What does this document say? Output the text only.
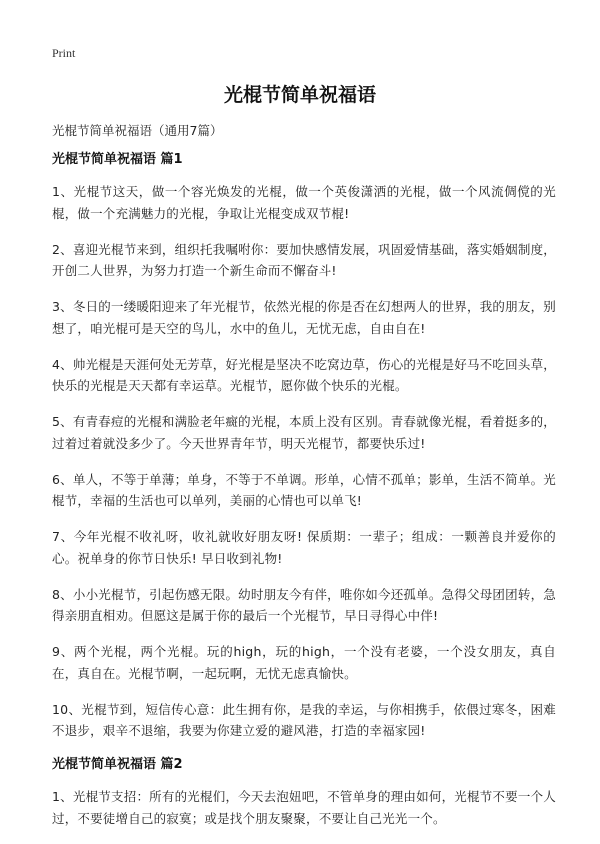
Print
光棍节简单祝福语
光棍节简单祝福语（通用7篇）
光棍节简单祝福语 篇1

1、光棍节这天，做一个容光焕发的光棍，做一个英俊潇洒的光棍，做一个风流倜傥的光棍，做一个充满魅力的光棍，争取让光棍变成双节棍!

2、喜迎光棍节来到，组织托我嘱咐你：要加快感情发展，巩固爱情基础，落实婚姻制度，开创二人世界，为努力打造一个新生命而不懈奋斗!

3、冬日的一缕暖阳迎来了年光棍节，依然光棍的你是否在幻想两人的世界，我的朋友，别想了，咱光棍可是天空的鸟儿，水中的鱼儿，无忧无虑，自由自在!

4、帅光棍是天涯何处无芳草，好光棍是坚决不吃窝边草，伤心的光棍是好马不吃回头草，快乐的光棍是天天都有幸运草。光棍节，愿你做个快乐的光棍。

5、有青春痘的光棍和满脸老年癍的光棍，本质上没有区别。青春就像光棍，看着挺多的，过着过着就没多少了。今天世界青年节，明天光棍节，都要快乐过!

6、单人，不等于单薄；单身，不等于不单调。形单，心情不孤单；影单，生活不简单。光棍节，幸福的生活也可以单列，美丽的心情也可以单飞!

7、今年光棍不收礼呀，收礼就收好朋友呀! 保质期：一辈子；组成：一颗善良并爱你的心。祝单身的你节日快乐! 早日收到礼物!

8、小小光棍节，引起伤感无限。幼时朋友今有伴，唯你如今还孤单。急得父母团团转，急得亲朋直相劝。但愿这是属于你的最后一个光棍节，早日寻得心中伴!

9、两个光棍，两个光棍。玩的high，玩的high，一个没有老婆，一个没女朋友，真自在，真自在。光棍节啊，一起玩啊，无忧无虑真愉快。

10、光棍节到，短信传心意：此生拥有你，是我的幸运，与你相携手，依偎过寒冬，困难不退步，艰辛不退缩，我要为你建立爱的避风港，打造的幸福家园!

光棍节简单祝福语 篇2

1、光棍节支招：所有的光棍们，今天去泡妞吧，不管单身的理由如何，光棍节不要一个人过，不要徒增自己的寂寞；或是找个朋友聚聚，不要让自己光光一个。
